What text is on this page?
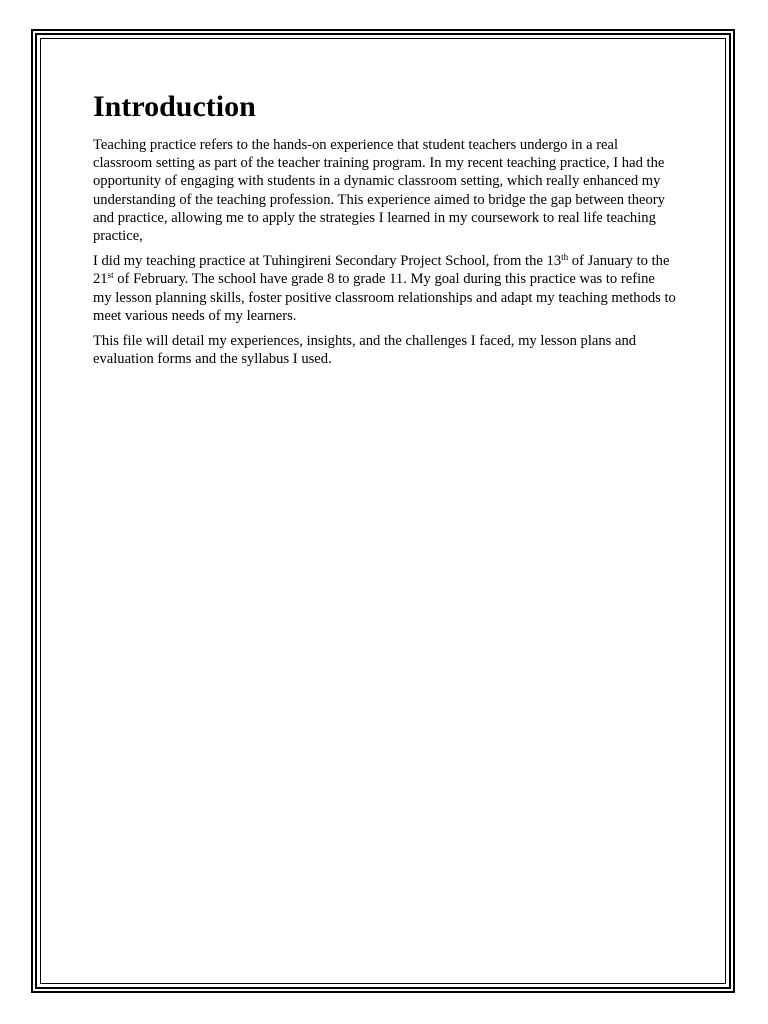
Introduction

Teaching practice refers to the hands-on experience that student teachers undergo in a real classroom setting as part of the teacher training program. In my recent teaching practice, I had the opportunity of engaging with students in a dynamic classroom setting, which really enhanced my understanding of the teaching profession. This experience aimed to bridge the gap between theory and practice, allowing me to apply the strategies I learned in my coursework to real life teaching practice,

I did my teaching practice at Tuhingireni Secondary Project School, from the 13th of January to the 21st of February. The school have grade 8 to grade 11. My goal during this practice was to refine my lesson planning skills, foster positive classroom relationships and adapt my teaching methods to meet various needs of my learners.

This file will detail my experiences, insights, and the challenges I faced, my lesson plans and evaluation forms and the syllabus I used.
